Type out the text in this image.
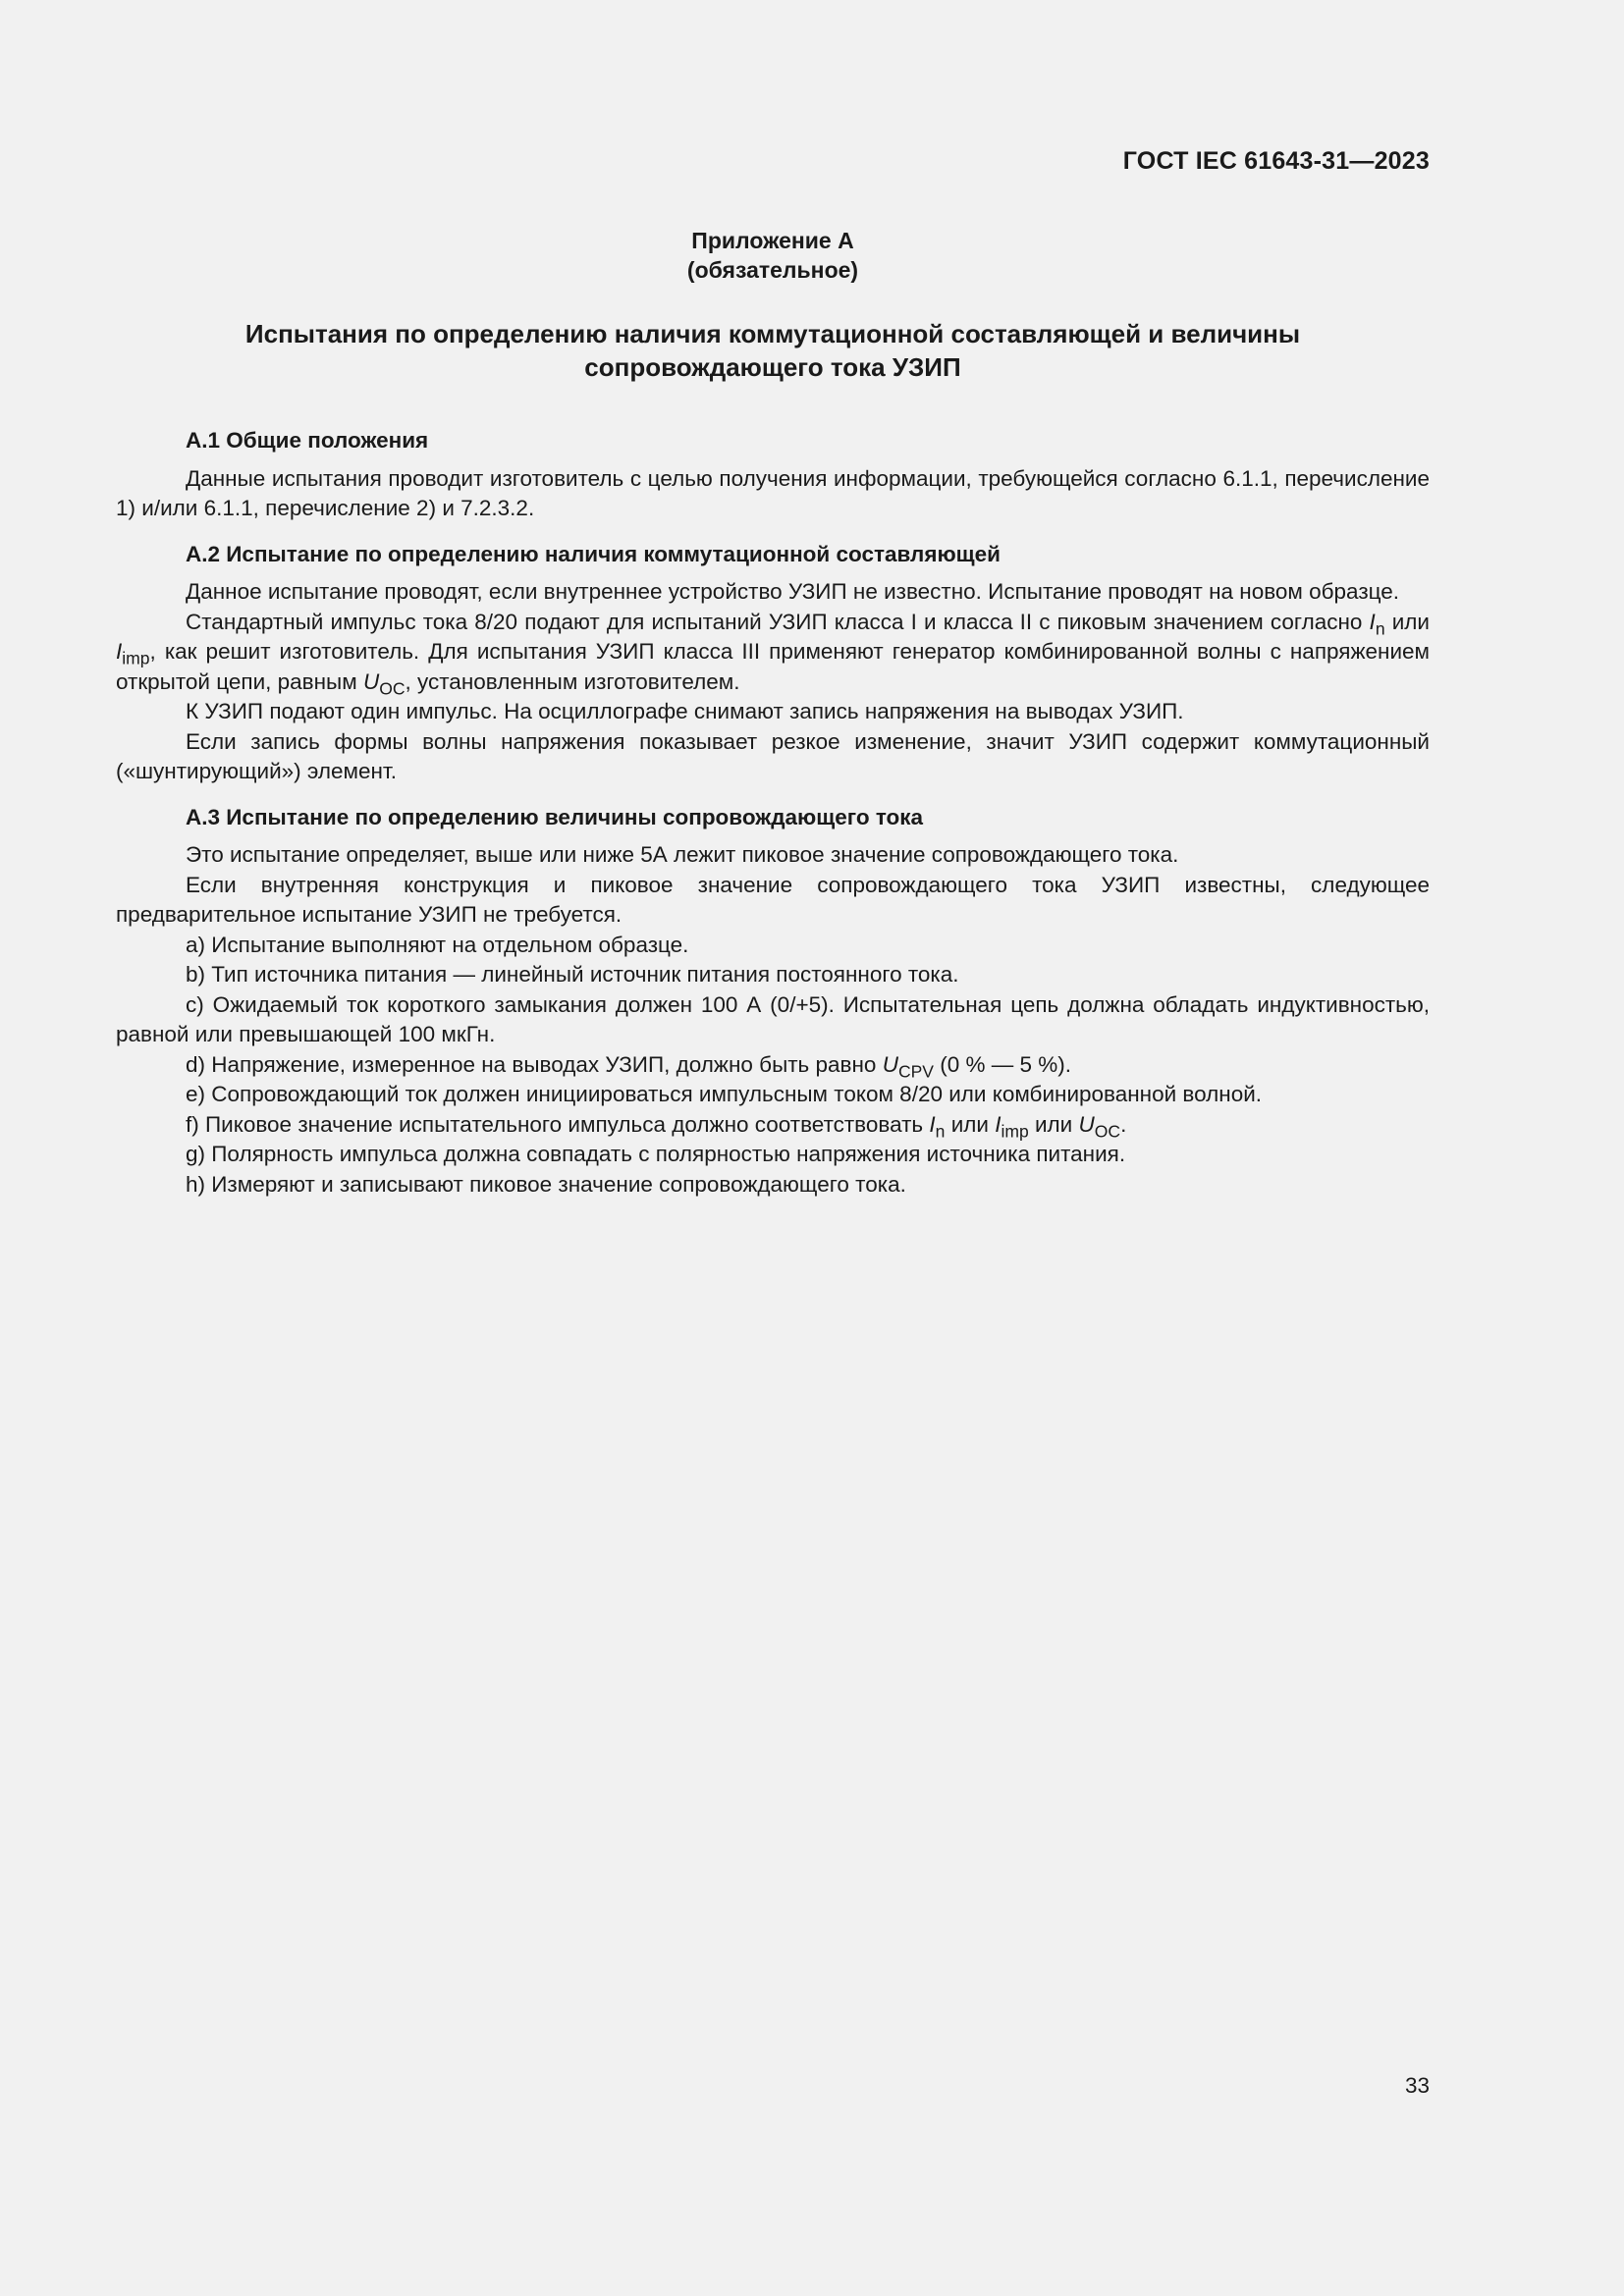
ГОСТ IEC 61643-31—2023
Приложение А
(обязательное)
Испытания по определению наличия коммутационной составляющей и величины
сопровождающего тока УЗИП

А.1 Общие положения

Данные испытания проводит изготовитель с целью получения информации, требующейся согласно 6.1.1, перечисление 1) и/или 6.1.1, перечисление 2) и 7.2.3.2.

А.2 Испытание по определению наличия коммутационной составляющей

Данное испытание проводят, если внутреннее устройство УЗИП не известно. Испытание проводят на новом образце.

Стандартный импульс тока 8/20 подают для испытаний УЗИП класса I и класса II с пиковым значением согласно $I_n$ или $I_{imp}$, как решит изготовитель. Для испытания УЗИП класса III применяют генератор комбинированной волны с напряжением открытой цепи, равным $U_{OC}$, установленным изготовителем.

К УЗИП подают один импульс. На осциллографе снимают запись напряжения на выводах УЗИП.

Если запись формы волны напряжения показывает резкое изменение, значит УЗИП содержит коммутационный («шунтирующий») элемент.

А.3 Испытание по определению величины сопровождающего тока

Это испытание определяет, выше или ниже 5А лежит пиковое значение сопровождающего тока.

Если внутренняя конструкция и пиковое значение сопровождающего тока УЗИП известны, следующее предварительное испытание УЗИП не требуется.

a) Испытание выполняют на отдельном образце.

b) Тип источника питания — линейный источник питания постоянного тока.

c) Ожидаемый ток короткого замыкания должен 100 А (0/+5). Испытательная цепь должна обладать индуктивностью, равной или превышающей 100 мкГн.

d) Напряжение, измеренное на выводах УЗИП, должно быть равно $U_{CPV}$ (0 % — 5 %).

e) Сопровождающий ток должен инициироваться импульсным током 8/20 или комбинированной волной.

f) Пиковое значение испытательного импульса должно соответствовать $I_n$ или $I_{imp}$ или $U_{OC}$.

g) Полярность импульса должна совпадать с полярностью напряжения источника питания.

h) Измеряют и записывают пиковое значение сопровождающего тока.

33
